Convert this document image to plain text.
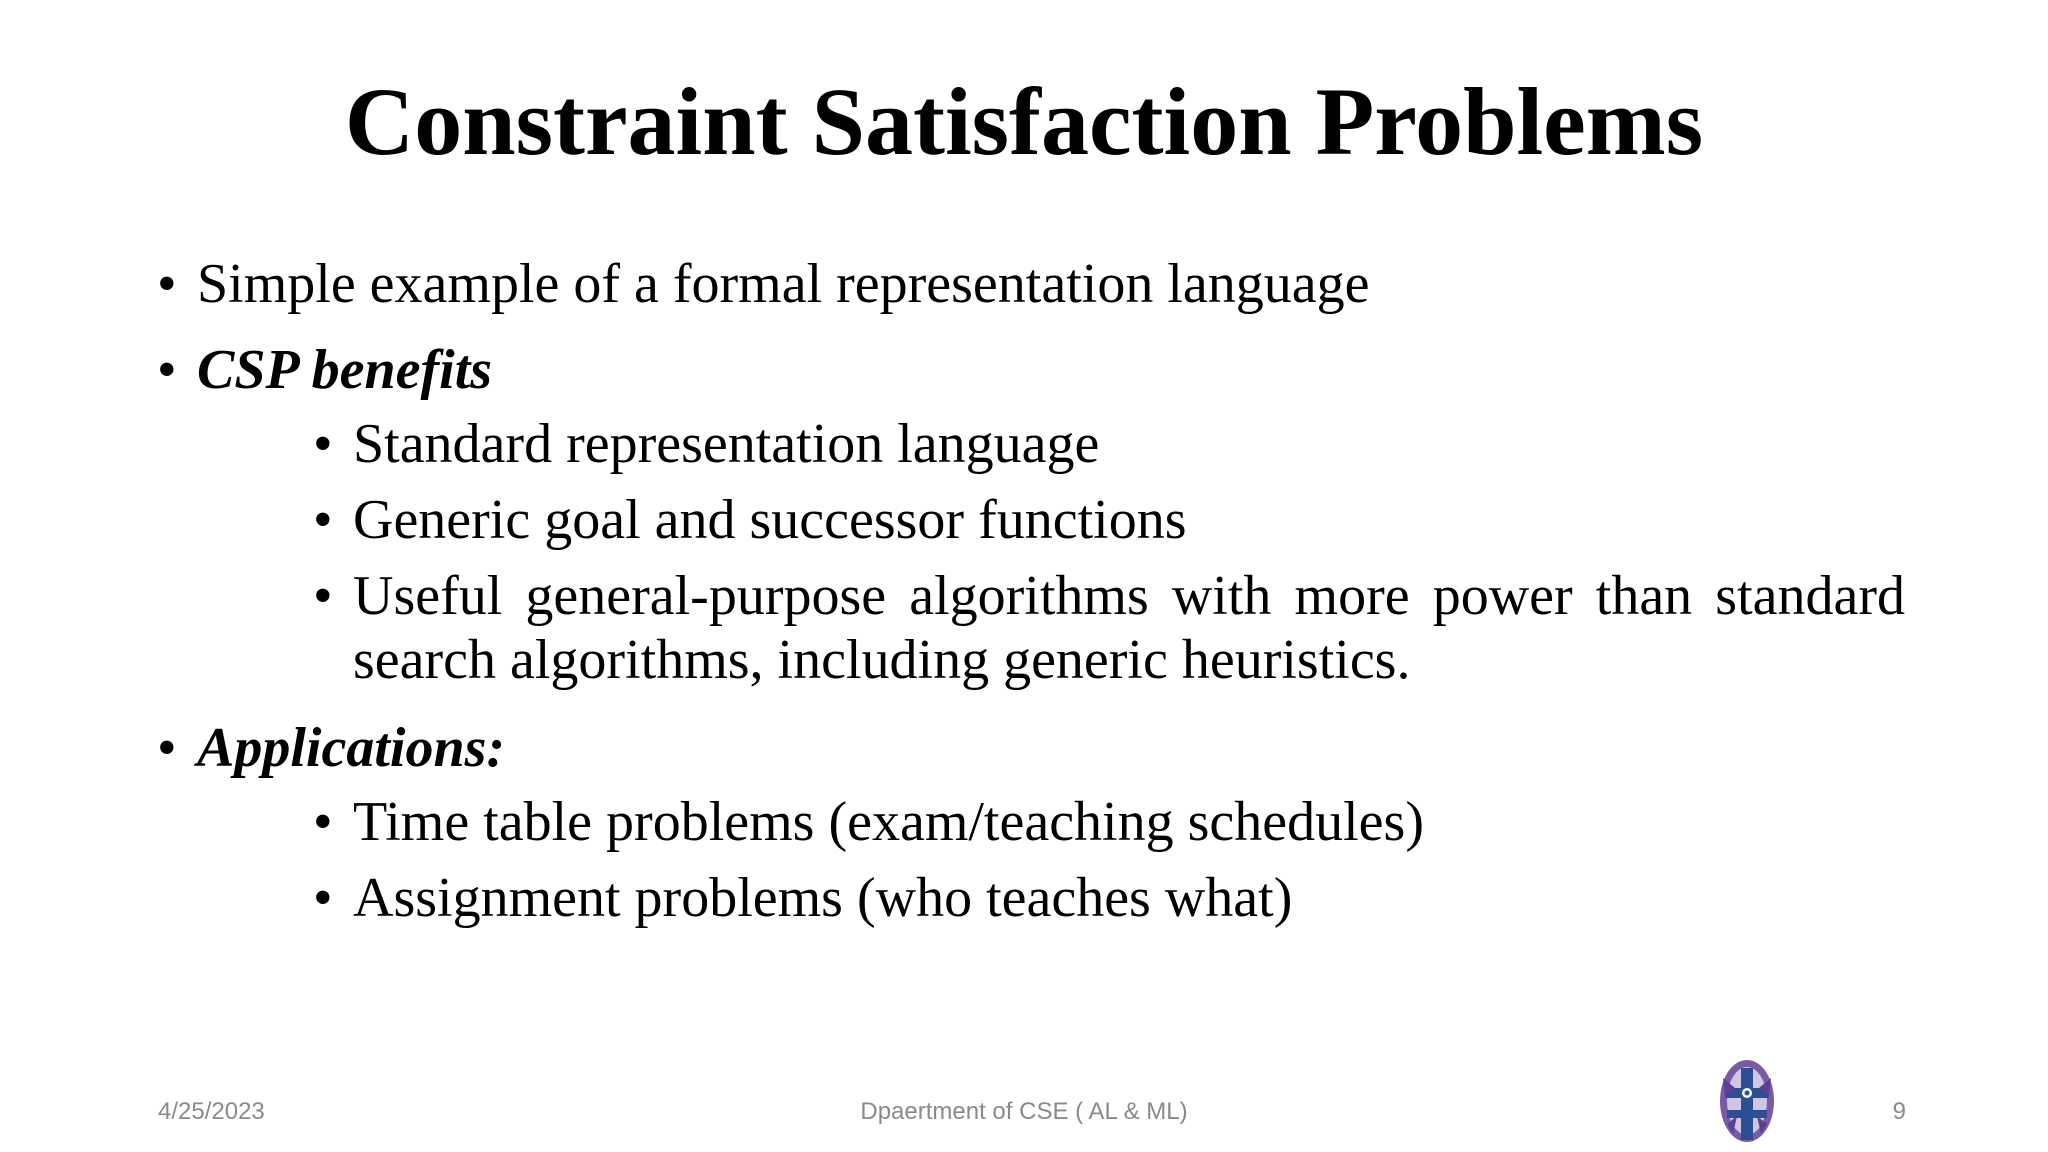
Constraint Satisfaction Problems
• Simple example of a formal representation language
• CSP benefits
• Standard representation language
• Generic goal and successor functions
• Useful general-purpose algorithms with more power than standard search algorithms, including generic heuristics.
• Applications:
• Time table problems (exam/teaching schedules)
• Assignment problems (who teaches what)
4/25/2023	Dpaertment of CSE ( AL & ML)	9
